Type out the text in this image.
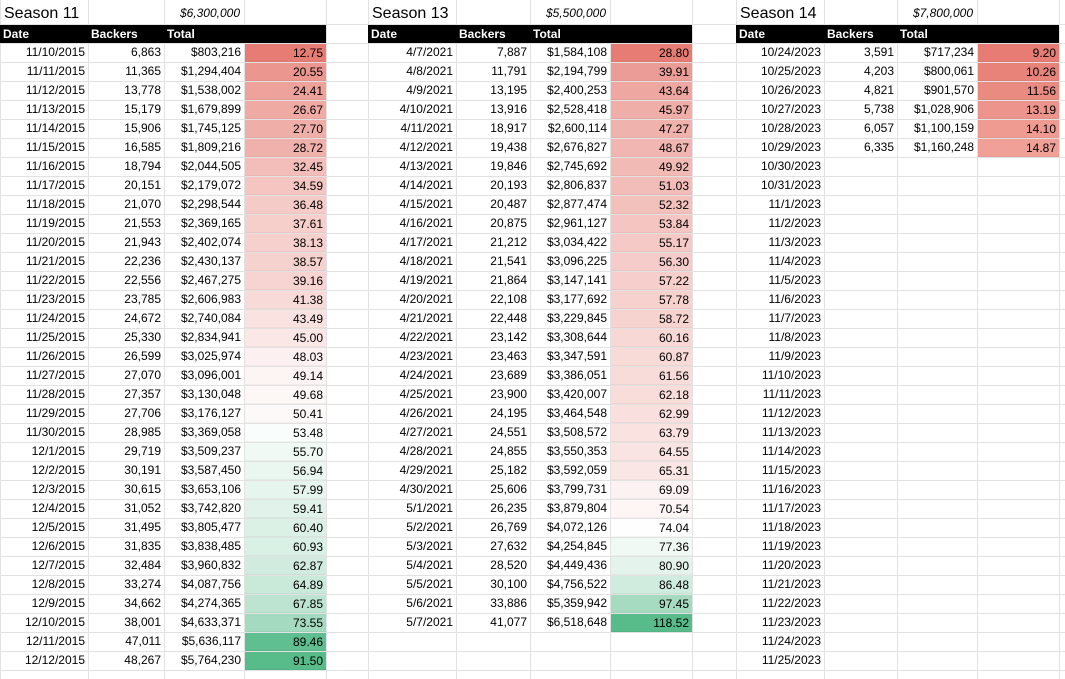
Season 11	$6,300,000
Date	Backers	Total
11/10/2015	6,863	$803,216	12.75
11/11/2015	11,365	$1,294,404	20.55
11/12/2015	13,778	$1,538,002	24.41
11/13/2015	15,179	$1,679,899	26.67
11/14/2015	15,906	$1,745,125	27.70
11/15/2015	16,585	$1,809,216	28.72
11/16/2015	18,794	$2,044,505	32.45
11/17/2015	20,151	$2,179,072	34.59
11/18/2015	21,070	$2,298,544	36.48
11/19/2015	21,553	$2,369,165	37.61
11/20/2015	21,943	$2,402,074	38.13
11/21/2015	22,236	$2,430,137	38.57
11/22/2015	22,556	$2,467,275	39.16
11/23/2015	23,785	$2,606,983	41.38
11/24/2015	24,672	$2,740,084	43.49
11/25/2015	25,330	$2,834,941	45.00
11/26/2015	26,599	$3,025,974	48.03
11/27/2015	27,070	$3,096,001	49.14
11/28/2015	27,357	$3,130,048	49.68
11/29/2015	27,706	$3,176,127	50.41
11/30/2015	28,985	$3,369,058	53.48
12/1/2015	29,719	$3,509,237	55.70
12/2/2015	30,191	$3,587,450	56.94
12/3/2015	30,615	$3,653,106	57.99
12/4/2015	31,052	$3,742,820	59.41
12/5/2015	31,495	$3,805,477	60.40
12/6/2015	31,835	$3,838,485	60.93
12/7/2015	32,484	$3,960,832	62.87
12/8/2015	33,274	$4,087,756	64.89
12/9/2015	34,662	$4,274,365	67.85
12/10/2015	38,001	$4,633,371	73.55
12/11/2015	47,011	$5,636,117	89.46
12/12/2015	48,267	$5,764,230	91.50
Season 13	$5,500,000
Date	Backers	Total
4/7/2021	7,887	$1,584,108	28.80
4/8/2021	11,791	$2,194,799	39.91
4/9/2021	13,195	$2,400,253	43.64
4/10/2021	13,916	$2,528,418	45.97
4/11/2021	18,917	$2,600,114	47.27
4/12/2021	19,438	$2,676,827	48.67
4/13/2021	19,846	$2,745,692	49.92
4/14/2021	20,193	$2,806,837	51.03
4/15/2021	20,487	$2,877,474	52.32
4/16/2021	20,875	$2,961,127	53.84
4/17/2021	21,212	$3,034,422	55.17
4/18/2021	21,541	$3,096,225	56.30
4/19/2021	21,864	$3,147,141	57.22
4/20/2021	22,108	$3,177,692	57.78
4/21/2021	22,448	$3,229,845	58.72
4/22/2021	23,142	$3,308,644	60.16
4/23/2021	23,463	$3,347,591	60.87
4/24/2021	23,689	$3,386,051	61.56
4/25/2021	23,900	$3,420,007	62.18
4/26/2021	24,195	$3,464,548	62.99
4/27/2021	24,551	$3,508,572	63.79
4/28/2021	24,855	$3,550,353	64.55
4/29/2021	25,182	$3,592,059	65.31
4/30/2021	25,606	$3,799,731	69.09
5/1/2021	26,235	$3,879,804	70.54
5/2/2021	26,769	$4,072,126	74.04
5/3/2021	27,632	$4,254,845	77.36
5/4/2021	28,520	$4,449,436	80.90
5/5/2021	30,100	$4,756,522	86.48
5/6/2021	33,886	$5,359,942	97.45
5/7/2021	41,077	$6,518,648	118.52
Season 14	$7,800,000
Date	Backers	Total
10/24/2023	3,591	$717,234	9.20
10/25/2023	4,203	$800,061	10.26
10/26/2023	4,821	$901,570	11.56
10/27/2023	5,738	$1,028,906	13.19
10/28/2023	6,057	$1,100,159	14.10
10/29/2023	6,335	$1,160,248	14.87
10/30/2023
10/31/2023
11/1/2023
11/2/2023
11/3/2023
11/4/2023
11/5/2023
11/6/2023
11/7/2023
11/8/2023
11/9/2023
11/10/2023
11/11/2023
11/12/2023
11/13/2023
11/14/2023
11/15/2023
11/16/2023
11/17/2023
11/18/2023
11/19/2023
11/20/2023
11/21/2023
11/22/2023
11/23/2023
11/24/2023
11/25/2023
